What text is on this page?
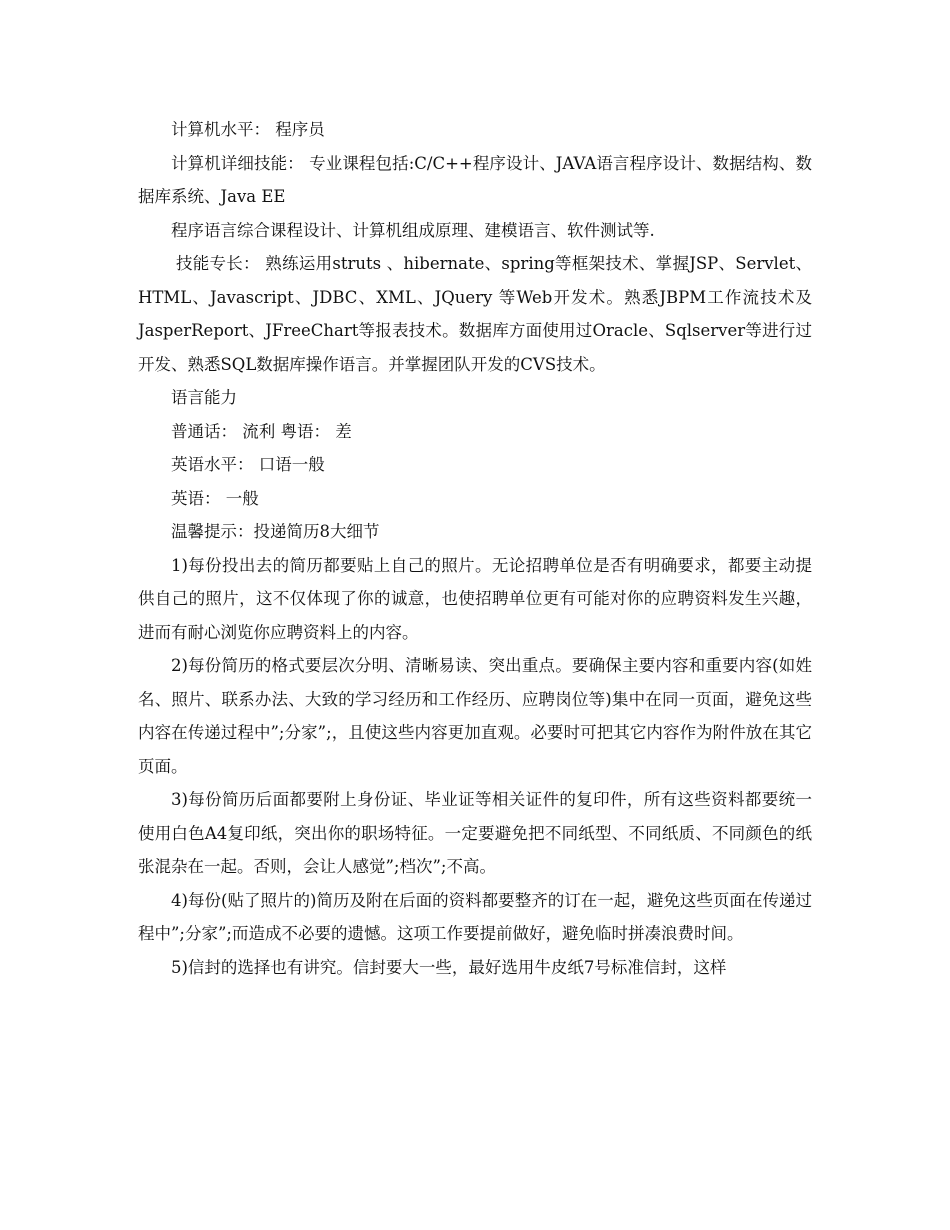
计算机水平： 程序员

计算机详细技能： 专业课程包括:C/C++程序设计、JAVA语言程序设计、数据结构、数据库系统、Java EE

程序语言综合课程设计、计算机组成原理、建模语言、软件测试等.

技能专长： 熟练运用struts 、hibernate、spring等框架技术、掌握JSP、Servlet、HTML、Javascript、JDBC、XML、JQuery 等Web开发术。熟悉JBPM工作流技术及JasperReport、JFreeChart等报表技术。数据库方面使用过Oracle、Sqlserver等进行过开发、熟悉SQL数据库操作语言。并掌握团队开发的CVS技术。

语言能力

普通话： 流利 粤语： 差

英语水平： 口语一般

英语： 一般

温馨提示：投递简历8大细节

1)每份投出去的简历都要贴上自己的照片。无论招聘单位是否有明确要求，都要主动提供自己的照片，这不仅体现了你的诚意，也使招聘单位更有可能对你的应聘资料发生兴趣，进而有耐心浏览你应聘资料上的内容。

2)每份简历的格式要层次分明、清晰易读、突出重点。要确保主要内容和重要内容(如姓名、照片、联系办法、大致的学习经历和工作经历、应聘岗位等)集中在同一页面，避免这些内容在传递过程中”;分家”;，且使这些内容更加直观。必要时可把其它内容作为附件放在其它页面。

3)每份简历后面都要附上身份证、毕业证等相关证件的复印件，所有这些资料都要统一使用白色A4复印纸，突出你的职场特征。一定要避免把不同纸型、不同纸质、不同颜色的纸张混杂在一起。否则，会让人感觉”;档次”;不高。

4)每份(贴了照片的)简历及附在后面的资料都要整齐的订在一起，避免这些页面在传递过程中”;分家”;而造成不必要的遗憾。这项工作要提前做好，避免临时拼凑浪费时间。

5)信封的选择也有讲究。信封要大一些，最好选用牛皮纸7号标准信封，这样
